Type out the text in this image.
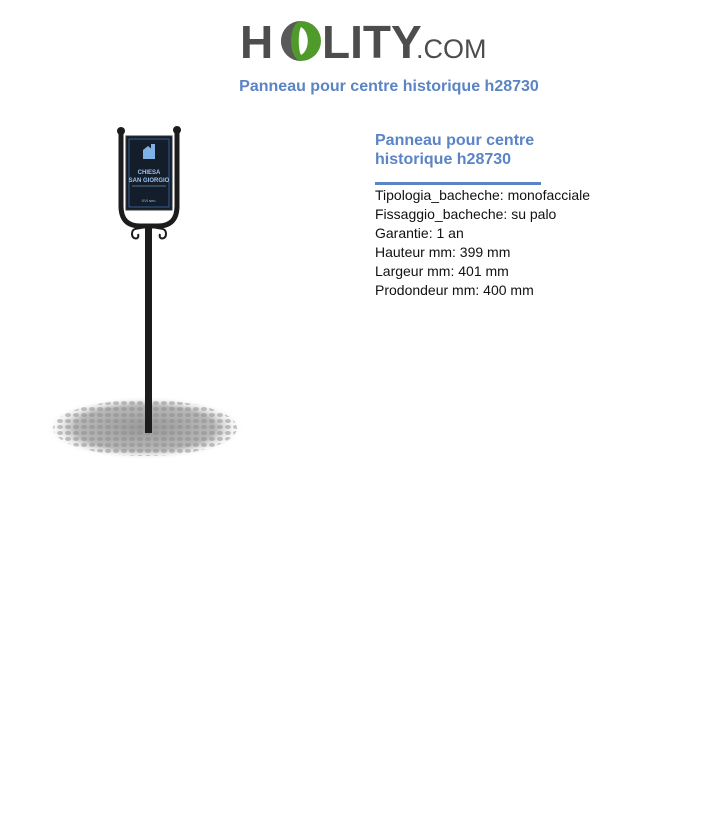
H LITY
.COM
Panneau pour centre historique h28730
CHIESA
SAN GIORGIO
XVI sec.
Panneau pour centre historique h28730
Tipologia_bacheche: monofacciale
Fissaggio_bacheche: su palo
Garantie: 1 an
Hauteur mm: 399 mm
Largeur mm: 401 mm
Prodondeur mm: 400 mm
